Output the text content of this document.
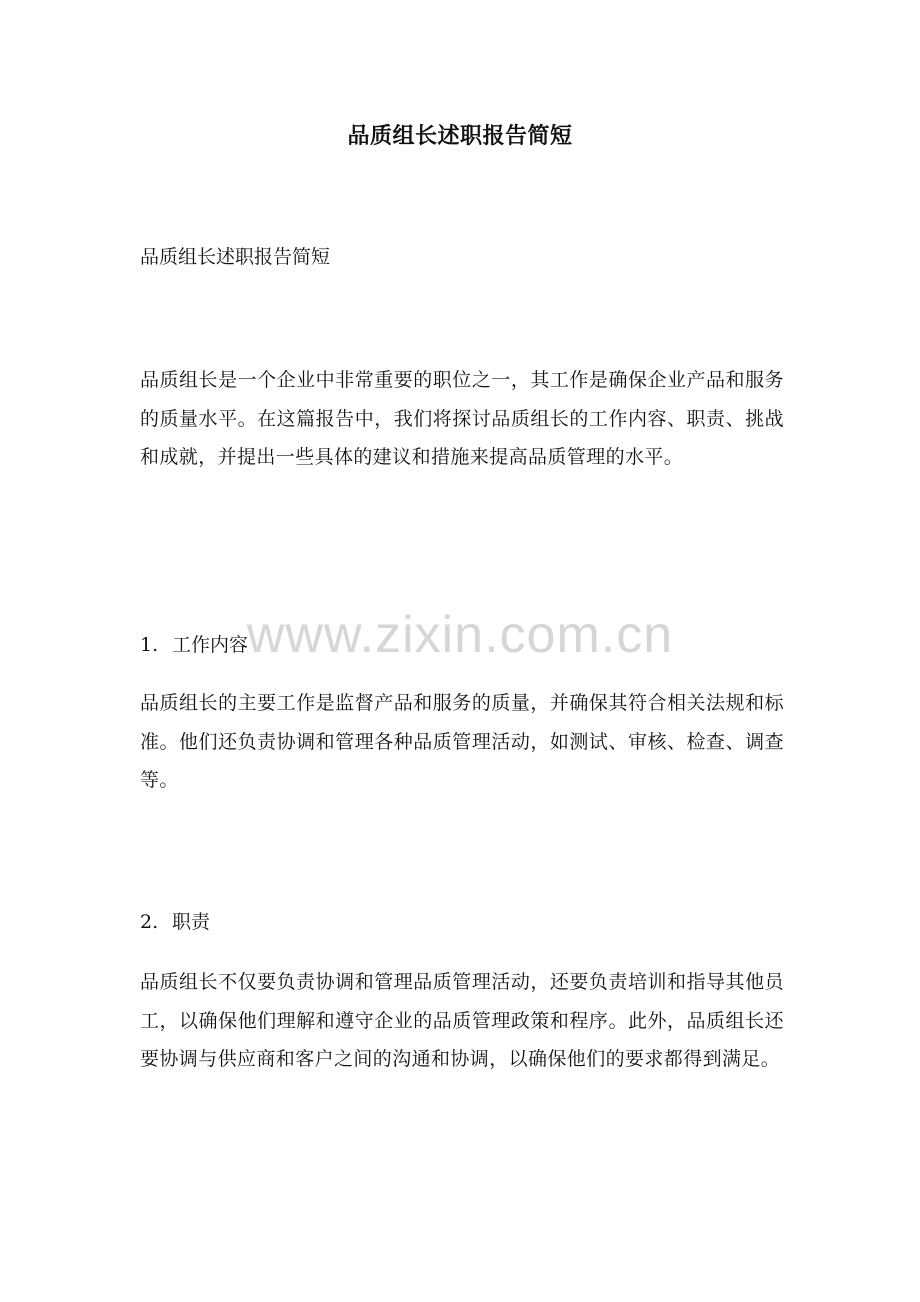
品质组长述职报告简短
品质组长述职报告简短

品质组长是一个企业中非常重要的职位之一，其工作是确保企业产品和服务的质量水平。在这篇报告中，我们将探讨品质组长的工作内容、职责、挑战和成就，并提出一些具体的建议和措施来提高品质管理的水平。

1. 工作内容

品质组长的主要工作是监督产品和服务的质量，并确保其符合相关法规和标准。他们还负责协调和管理各种品质管理活动，如测试、审核、检查、调查等。

2. 职责

品质组长不仅要负责协调和管理品质管理活动，还要负责培训和指导其他员工，以确保他们理解和遵守企业的品质管理政策和程序。此外，品质组长还要协调与供应商和客户之间的沟通和协调，以确保他们的要求都得到满足。

www.zixin.com.cn
